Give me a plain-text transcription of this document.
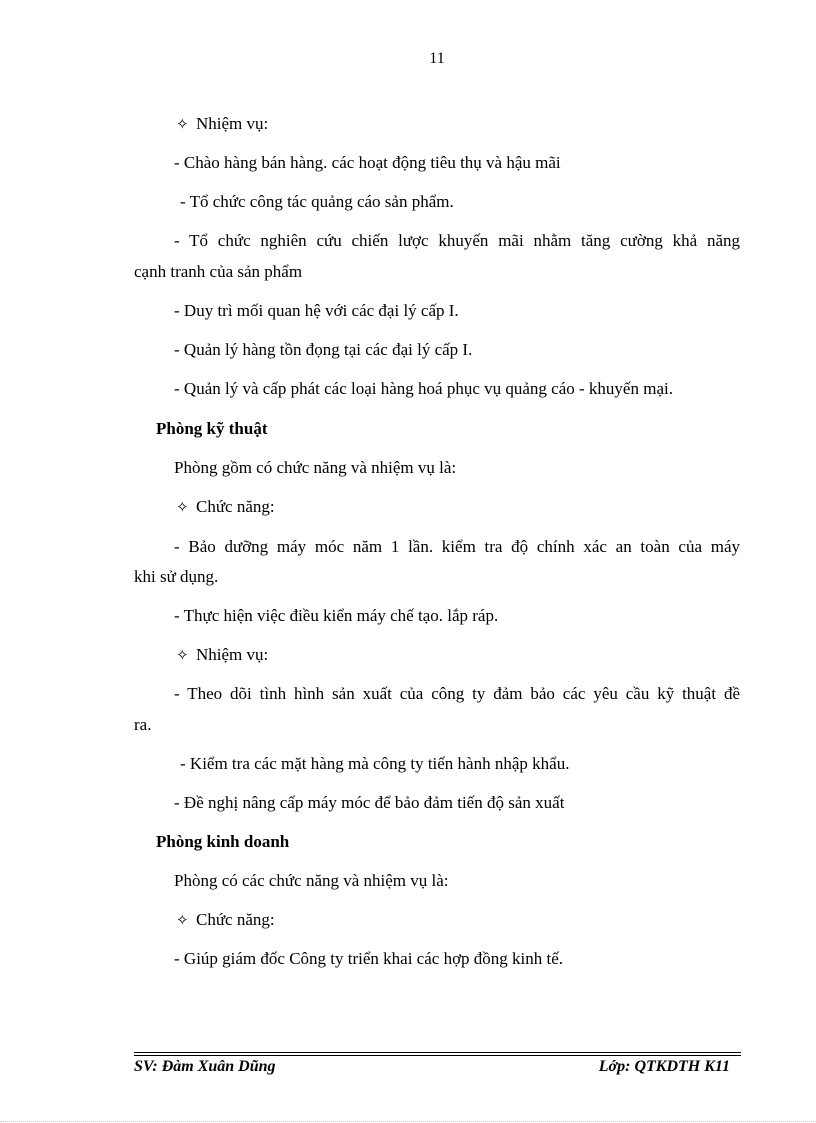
11
✧ Nhiệm vụ:
- Chào hàng bán hàng. các hoạt động tiêu thụ và hậu mãi
- Tổ chức công tác quảng cáo sản phẩm.
- Tổ chức nghiên cứu chiến lược khuyến mãi nhằm tăng cường khả năng
cạnh tranh của sản phẩm
- Duy trì mối quan hệ với các đại lý cấp I.
- Quản lý hàng tồn đọng tại các đại lý cấp I.
- Quản lý và cấp phát các loại hàng hoá phục vụ quảng cáo - khuyến mại.
Phòng kỹ thuật
Phòng gồm có chức năng và nhiệm vụ là:
✧ Chức năng:
- Bảo dưỡng máy móc năm 1 lần. kiểm tra độ chính xác an toàn của máy
khi sử dụng.
- Thực hiện việc điều kiển máy chế tạo. lắp ráp.
✧ Nhiệm vụ:
- Theo dõi tình hình sản xuất của công ty đảm bảo các yêu cầu kỹ thuật đề
ra.
- Kiểm tra các mặt hàng mà công ty tiến hành nhập khẩu.
- Đề nghị nâng cấp máy móc để bảo đảm tiến độ sản xuất
Phòng kinh doanh
Phòng có các chức năng và nhiệm vụ là:
✧ Chức năng:
- Giúp giám đốc Công ty triển khai các hợp đồng kinh tế.
SV: Đàm Xuân Dũng	Lớp: QTKDTH K11
